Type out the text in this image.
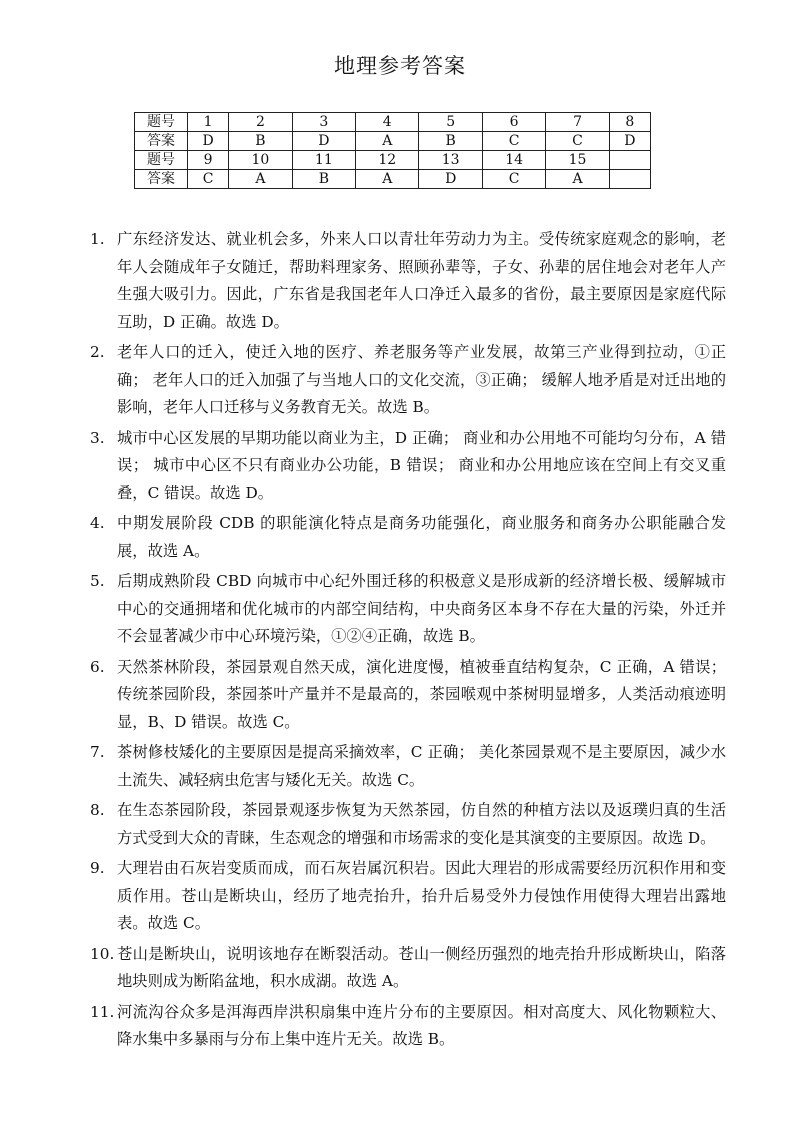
地理参考答案
题号	1	2	3	4	5	6	7	8
答案	D	B	D	A	B	C	C	D
题号	9	10	11	12	13	14	15	
答案	C	A	B	A	D	C	A	
1. 广东经济发达、就业机会多，外来人口以青壮年劳动力为主。受传统家庭观念的影响，老年人会随成年子女随迁，帮助料理家务、照顾孙辈等，子女、孙辈的居住地会对老年人产生强大吸引力。因此，广东省是我国老年人口净迁入最多的省份，最主要原因是家庭代际互助，D 正确。故选 D。
2. 老年人口的迁入，使迁入地的医疗、养老服务等产业发展，故第三产业得到拉动，①正确； 老年人口的迁入加强了与当地人口的文化交流，③正确； 缓解人地矛盾是对迁出地的影响，老年人口迁移与义务教育无关。故选 B。
3. 城市中心区发展的早期功能以商业为主，D 正确； 商业和办公用地不可能均匀分布，A 错误； 城市中心区不只有商业办公功能，B 错误； 商业和办公用地应该在空间上有交叉重叠，C 错误。故选 D。
4. 中期发展阶段 CDB 的职能演化特点是商务功能强化，商业服务和商务办公职能融合发展，故选 A。
5. 后期成熟阶段 CBD 向城市中心纪外围迁移的积极意义是形成新的经济增长极、缓解城市中心的交通拥堵和优化城市的内部空间结构，中央商务区本身不存在大量的污染，外迁并不会显著减少市中心环境污染，①②④正确，故选 B。
6. 天然茶林阶段，茶园景观自然天成，演化进度慢，植被垂直结构复杂，C 正确，A 错误； 传统茶园阶段，茶园茶叶产量并不是最高的，茶园喉观中茶树明显增多，人类活动痕迹明显，B、D 错误。故选 C。
7. 茶树修枝矮化的主要原因是提高采摘效率，C 正确； 美化茶园景观不是主要原因，减少水土流失、减轻病虫危害与矮化无关。故选 C。
8. 在生态茶园阶段，茶园景观逐步恢复为天然茶园，仿自然的种植方法以及返璞归真的生活方式受到大众的青睐，生态观念的增强和市场需求的变化是其演变的主要原因。故选 D。
9. 大理岩由石灰岩变质而成，而石灰岩属沉积岩。因此大理岩的形成需要经历沉积作用和变质作用。苍山是断块山，经历了地壳抬升，抬升后易受外力侵蚀作用使得大理岩出露地表。故选 C。
10. 苍山是断块山，说明该地存在断裂活动。苍山一侧经历强烈的地壳抬升形成断块山，陷落地块则成为断陷盆地，积水成湖。故选 A。
11. 河流沟谷众多是洱海西岸洪积扇集中连片分布的主要原因。相对高度大、风化物颗粒大、降水集中多暴雨与分布上集中连片无关。故选 B。
